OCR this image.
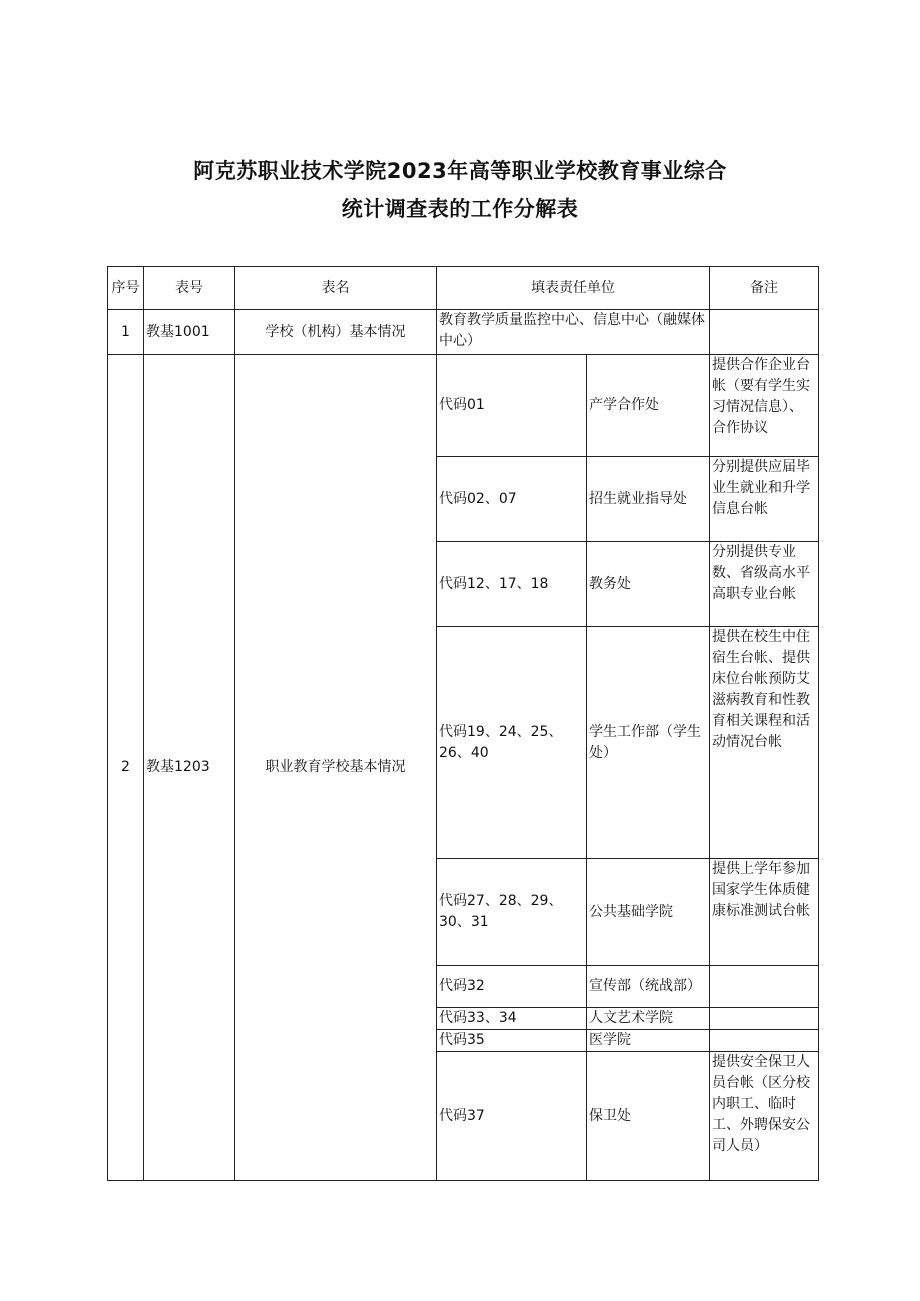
阿克苏职业技术学院2023年高等职业学校教育事业综合
统计调查表的工作分解表
序号	表号	表名	填表责任单位		备注
1	教基1001	学校（机构）基本情况	教育教学质量监控中心、信息中心（融媒体中心）		
2	教基1203	职业教育学校基本情况	代码01	产学合作处	提供合作企业台帐（要有学生实习情况信息）、合作协议
			代码02、07	招生就业指导处	分别提供应届毕业生就业和升学信息台帐
			代码12、17、18	教务处	分别提供专业数、省级高水平高职专业台帐
			代码19、24、25、26、40	学生工作部（学生处）	提供在校生中住宿生台帐、提供床位台帐预防艾滋病教育和性教育相关课程和活动情况台帐
			代码27、28、29、30、31	公共基础学院	提供上学年参加国家学生体质健康标准测试台帐
			代码32	宣传部（统战部）	
			代码33、34	人文艺术学院	
			代码35	医学院	
			代码37	保卫处	提供安全保卫人员台帐（区分校内职工、临时工、外聘保安公司人员）
